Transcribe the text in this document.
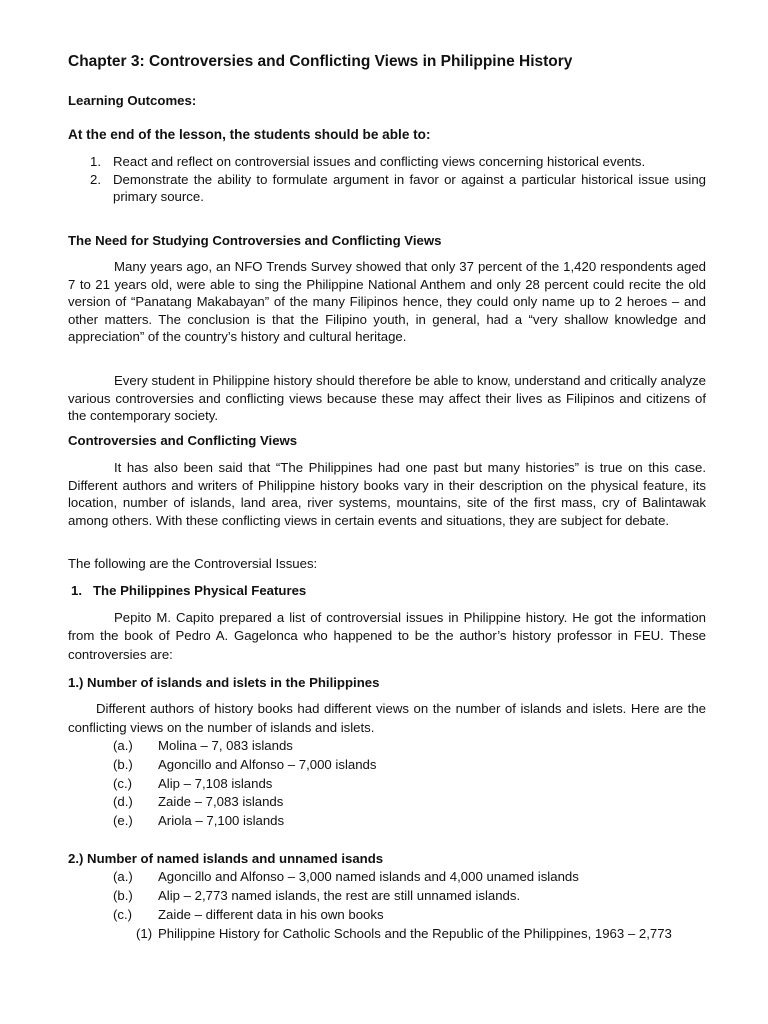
Chapter 3: Controversies and Conflicting Views in Philippine History
Learning Outcomes:
At the end of the lesson, the students should be able to:
1. React and reflect on controversial issues and conflicting views concerning historical events.
2. Demonstrate the ability to formulate argument in favor or against a particular historical issue using primary source.
The Need for Studying Controversies and Conflicting Views
Many years ago, an NFO Trends Survey showed that only 37 percent of the 1,420 respondents aged 7 to 21 years old, were able to sing the Philippine National Anthem and only 28 percent could recite the old version of “Panatang Makabayan” of the many Filipinos hence, they could only name up to 2 heroes – and other matters. The conclusion is that the Filipino youth, in general, had a “very shallow knowledge and appreciation” of the country’s history and cultural heritage.
Every student in Philippine history should therefore be able to know, understand and critically analyze various controversies and conflicting views because these may affect their lives as Filipinos and citizens of the contemporary society.
Controversies and Conflicting Views
It has also been said that “The Philippines had one past but many histories” is true on this case. Different authors and writers of Philippine history books vary in their description on the physical feature, its location, number of islands, land area, river systems, mountains, site of the first mass, cry of Balintawak among others. With these conflicting views in certain events and situations, they are subject for debate.
The following are the Controversial Issues:
1. The Philippines Physical Features
Pepito M. Capito prepared a list of controversial issues in Philippine history. He got the information from the book of Pedro A. Gagelonca who happened to be the author’s history professor in FEU. These controversies are:
1.) Number of islands and islets in the Philippines
Different authors of history books had different views on the number of islands and islets. Here are the conflicting views on the number of islands and islets.
(a.)	Molina – 7, 083 islands
(b.)	Agoncillo and Alfonso – 7,000 islands
(c.)	Alip – 7,108 islands
(d.)	Zaide – 7,083 islands
(e.)	Ariola – 7,100 islands
2.) Number of named islands and unnamed isands
(a.)	Agoncillo and Alfonso – 3,000 named islands and 4,000 unamed islands
(b.)	Alip – 2,773 named islands, the rest are still unnamed islands.
(c.)	Zaide – different data in his own books
(1) Philippine History for Catholic Schools and the Republic of the Philippines, 1963 – 2,773
